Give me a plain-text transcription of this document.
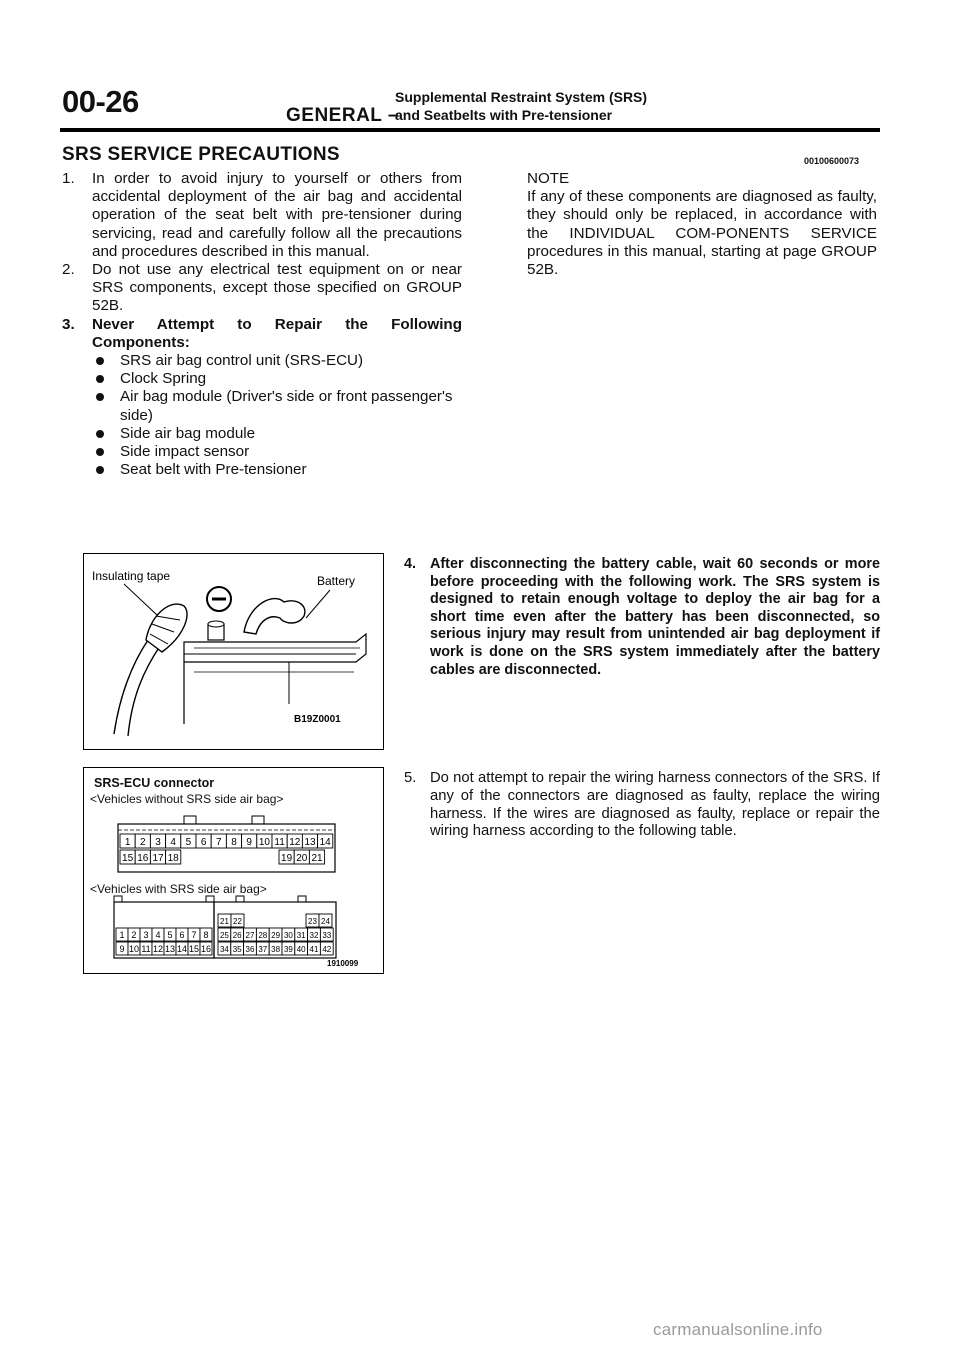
00-26	GENERAL –
Supplemental Restraint System (SRS)
and Seatbelts with Pre-tensioner
SRS SERVICE PRECAUTIONS	00100600073
1. In order to avoid injury to yourself or others from accidental deployment of the air bag and accidental operation of the seat belt with pre-tensioner during servicing, read and carefully follow all the precautions and procedures described in this manual.
2. Do not use any electrical test equipment on or near SRS components, except those specified on GROUP 52B.
3. Never Attempt to Repair the Following Components:
SRS air bag control unit (SRS-ECU)
Clock Spring
Air bag module (Driver's side or front passenger's side)
Side air bag module
Side impact sensor
Seat belt with Pre-tensioner
NOTE
If any of these components are diagnosed as faulty, they should only be replaced, in accordance with the INDIVIDUAL COM-PONENTS SERVICE procedures in this manual, starting at page GROUP 52B.
Insulating tape	Battery
B19Z0001
SRS-ECU connector
<Vehicles without SRS side air bag>
<Vehicles with SRS side air bag>
1 2 3 4 5 6 7 8 9 10 11 12 13 14
15 16 17 18	19 20 21
1 2 3 4 5 6 7 8
9 10 11 12 13 14 15 16
21 22	23 24
25 26 27 28 29 30 31 32 33
34 35 36 37 38 39 40 41 42
1910099
4. After disconnecting the battery cable, wait 60 seconds or more before proceeding with the following work. The SRS system is designed to retain enough voltage to deploy the air bag for a short time even after the battery has been disconnected, so serious injury may result from unintended air bag deployment if work is done on the SRS system immediately after the battery cables are disconnected.
5. Do not attempt to repair the wiring harness connectors of the SRS. If any of the connectors are diagnosed as faulty, replace the wiring harness. If the wires are diagnosed as faulty, replace or repair the wiring harness according to the following table.
carmanualsonline.info
